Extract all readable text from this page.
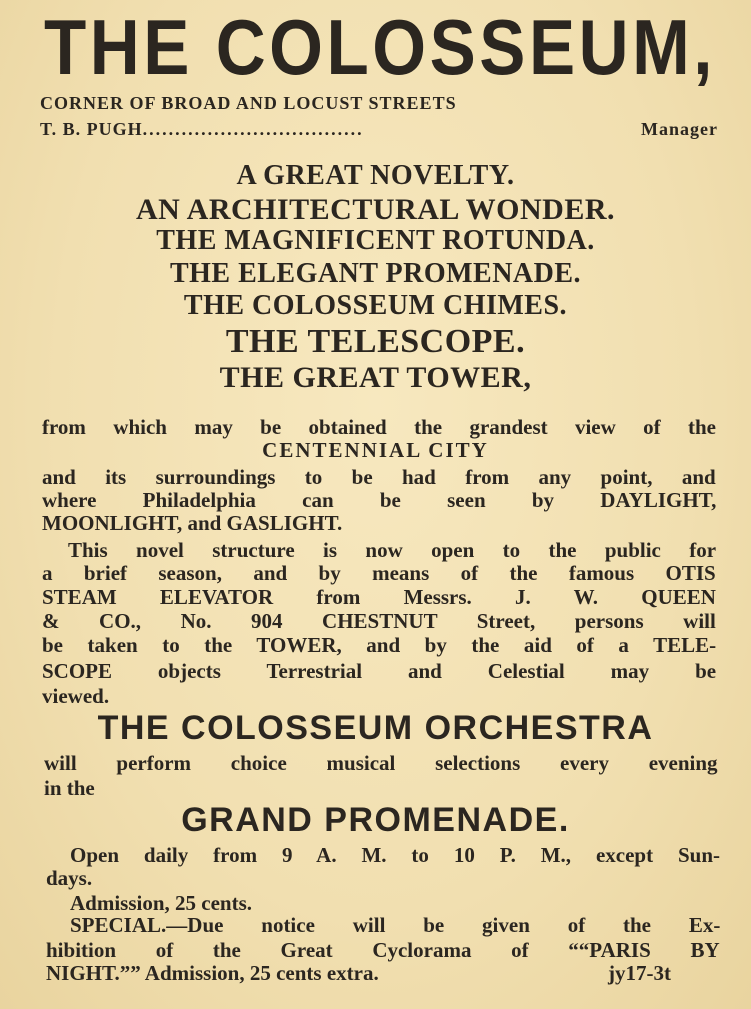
THE COLOSSEUM,
CORNER OF BROAD AND LOCUST STREETS
T. B. PUGH ..................................	Manager
A GREAT NOVELTY.
AN ARCHITECTURAL WONDER.
THE MAGNIFICENT ROTUNDA.
THE ELEGANT PROMENADE.
THE COLOSSEUM CHIMES.
THE TELESCOPE.
THE GREAT TOWER,
from which may be obtained the grandest view of the
CENTENNIAL CITY
and its surroundings to be had from any point, and
where Philadelphia can be seen by DAYLIGHT,
MOONLIGHT, and GASLIGHT.
This novel structure is now open to the public for
a brief season, and by means of the famous OTIS
STEAM ELEVATOR from Messrs. J. W. QUEEN
& CO., No. 904 CHESTNUT Street, persons will
be taken to the TOWER, and by the aid of a TELE-
SCOPE objects Terrestrial and Celestial may be
viewed.
THE COLOSSEUM ORCHESTRA
will perform choice musical selections every evening
in the
GRAND PROMENADE.
Open daily from 9 A. M. to 10 P. M., except Sun-
days.
Admission, 25 cents.
SPECIAL.—Due notice will be given of the Ex-
hibition of the Great Cyclorama of ““PARIS BY
NIGHT.”” Admission, 25 cents extra.	jy17-3t
